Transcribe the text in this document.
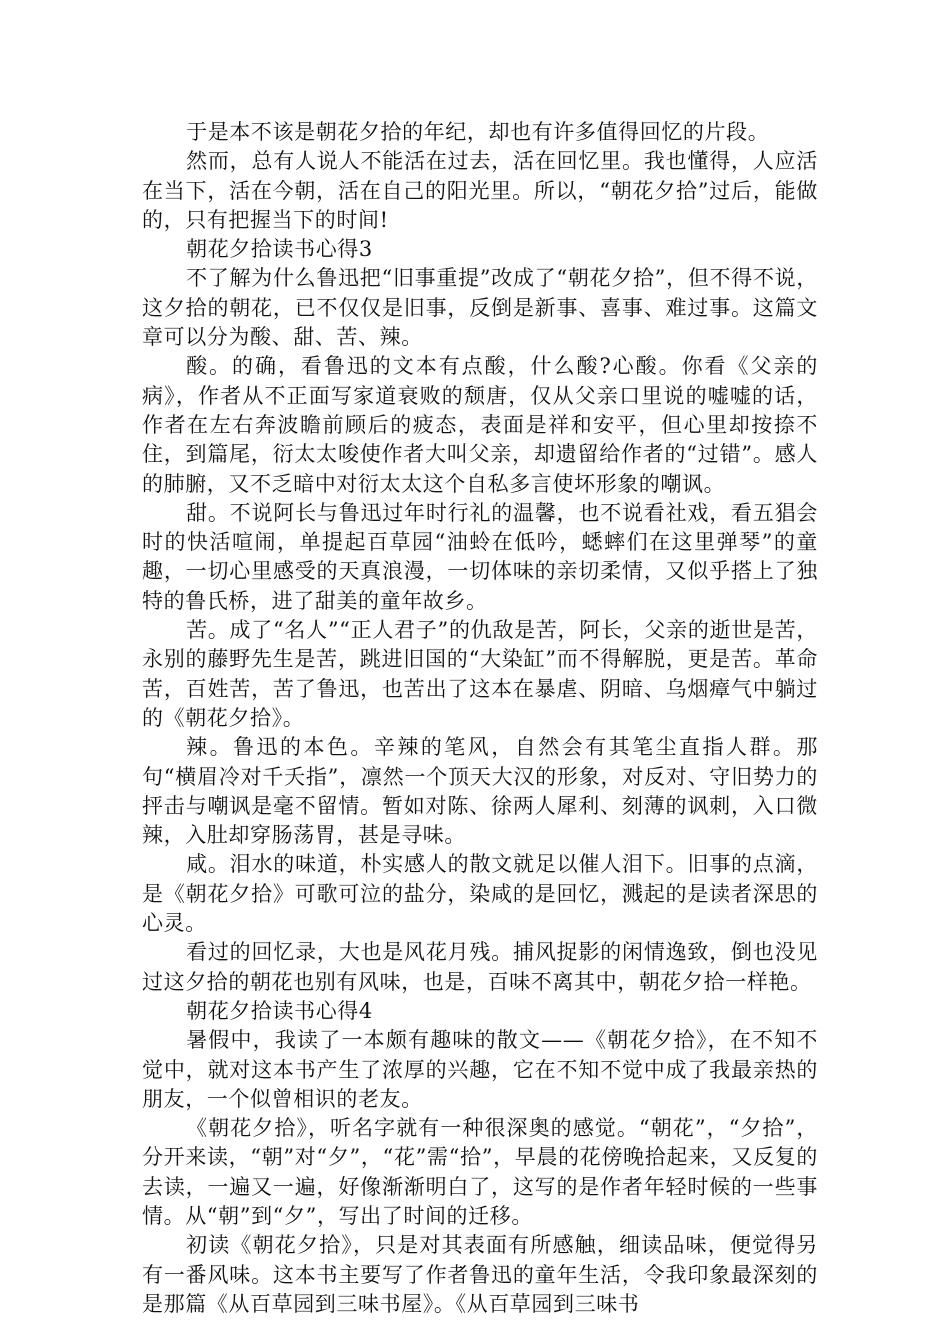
于是本不该是朝花夕拾的年纪，却也有许多值得回忆的片段。

然而，总有人说人不能活在过去，活在回忆里。我也懂得，人应活在当下，活在今朝，活在自己的阳光里。所以，“朝花夕拾”过后，能做的，只有把握当下的时间!

朝花夕拾读书心得3

不了解为什么鲁迅把“旧事重提”改成了“朝花夕拾”，但不得不说，这夕拾的朝花，已不仅仅是旧事，反倒是新事、喜事、难过事。这篇文章可以分为酸、甜、苦、辣。

酸。的确，看鲁迅的文本有点酸，什么酸?心酸。你看《父亲的病》，作者从不正面写家道衰败的颓唐，仅从父亲口里说的嘘嘘的话，作者在左右奔波瞻前顾后的疲态，表面是祥和安平，但心里却按捺不住，到篇尾，衍太太唆使作者大叫父亲，却遗留给作者的“过错”。感人的肺腑，又不乏暗中对衍太太这个自私多言使坏形象的嘲讽。

甜。不说阿长与鲁迅过年时行礼的温馨，也不说看社戏，看五猖会时的快活喧闹，单提起百草园“油蛉在低吟，蟋蟀们在这里弹琴”的童趣，一切心里感受的天真浪漫，一切体味的亲切柔情，又似乎搭上了独特的鲁氏桥，进了甜美的童年故乡。

苦。成了“名人”“正人君子”的仇敌是苦，阿长，父亲的逝世是苦，永别的藤野先生是苦，跳进旧国的“大染缸”而不得解脱，更是苦。革命苦，百姓苦，苦了鲁迅，也苦出了这本在暴虐、阴暗、乌烟瘴气中躺过的《朝花夕拾》。

辣。鲁迅的本色。辛辣的笔风，自然会有其笔尘直指人群。那句“横眉冷对千夭指”，凛然一个顶天大汉的形象，对反对、守旧势力的抨击与嘲讽是毫不留情。暂如对陈、徐两人犀利、刻薄的讽刺，入口微辣，入肚却穿肠荡胃，甚是寻味。

咸。泪水的味道，朴实感人的散文就足以催人泪下。旧事的点滴，是《朝花夕拾》可歌可泣的盐分，染咸的是回忆，溅起的是读者深思的心灵。

看过的回忆录，大也是风花月残。捕风捉影的闲情逸致，倒也没见过这夕拾的朝花也别有风味，也是，百味不离其中，朝花夕拾一样艳。

朝花夕拾读书心得4

暑假中，我读了一本颇有趣味的散文——《朝花夕拾》，在不知不觉中，就对这本书产生了浓厚的兴趣，它在不知不觉中成了我最亲热的朋友，一个似曾相识的老友。

《朝花夕拾》，听名字就有一种很深奥的感觉。“朝花”，“夕拾”，分开来读，“朝”对“夕”，“花”需“拾”，早晨的花傍晚拾起来，又反复的去读，一遍又一遍，好像渐渐明白了，这写的是作者年轻时候的一些事情。从“朝”到“夕”，写出了时间的迁移。

初读《朝花夕拾》，只是对其表面有所感触，细读品味，便觉得另有一番风味。这本书主要写了作者鲁迅的童年生活，令我印象最深刻的是那篇《从百草园到三味书屋》。《从百草园到三味书
